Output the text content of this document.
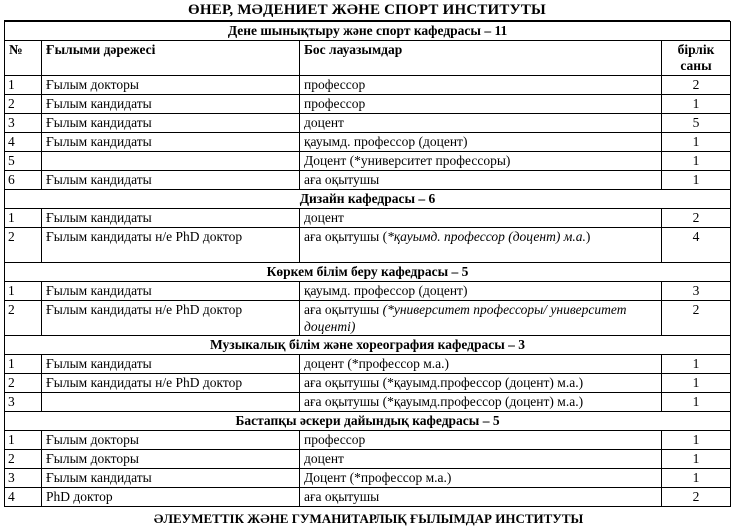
ӨНЕР, МӘДЕНИЕТ ЖӘНЕ СПОРТ ИНСТИТУТЫ
Дене шынықтыру және спорт кафедрасы – 11			
№	Ғылыми дәрежесі	Бос лауазымдар	бірлік саны
1	Ғылым докторы	профессор	2
2	Ғылым кандидаты	профессор	1
3	Ғылым кандидаты	доцент	5
4	Ғылым кандидаты	қауымд. профессор (доцент)	1
5		Доцент (*университет профессоры)	1
6	Ғылым кандидаты	аға оқытушы	1
Дизайн кафедрасы – 6			
1	Ғылым кандидаты	доцент	2
2	Ғылым кандидаты н/е PhD доктор	аға оқытушы (*қауымд. профессор (доцент) м.а.)	4
Көркем білім беру кафедрасы – 5			
1	Ғылым кандидаты	қауымд. профессор (доцент)	3
2	Ғылым кандидаты н/е PhD доктор	аға оқытушы (*университет профессоры/ университет доценті)	2
Музыкалық білім және хореография кафедрасы – 3			
1	Ғылым кандидаты	доцент (*профессор м.а.)	1
2	Ғылым кандидаты н/е PhD доктор	аға оқытушы (*қауымд.профессор (доцент) м.а.)	1
3		аға оқытушы (*қауымд.профессор (доцент) м.а.)	1
Бастапқы әскери дайындық кафедрасы – 5			
1	Ғылым докторы	профессор	1
2	Ғылым докторы	доцент	1
3	Ғылым кандидаты	Доцент (*профессор м.а.)	1
4	PhD доктор	аға оқытушы	2
ӘЛЕУМЕТТІК ЖӘНЕ ГУМАНИТАРЛЫҚ ҒЫЛЫМДАР ИНСТИТУТЫ
